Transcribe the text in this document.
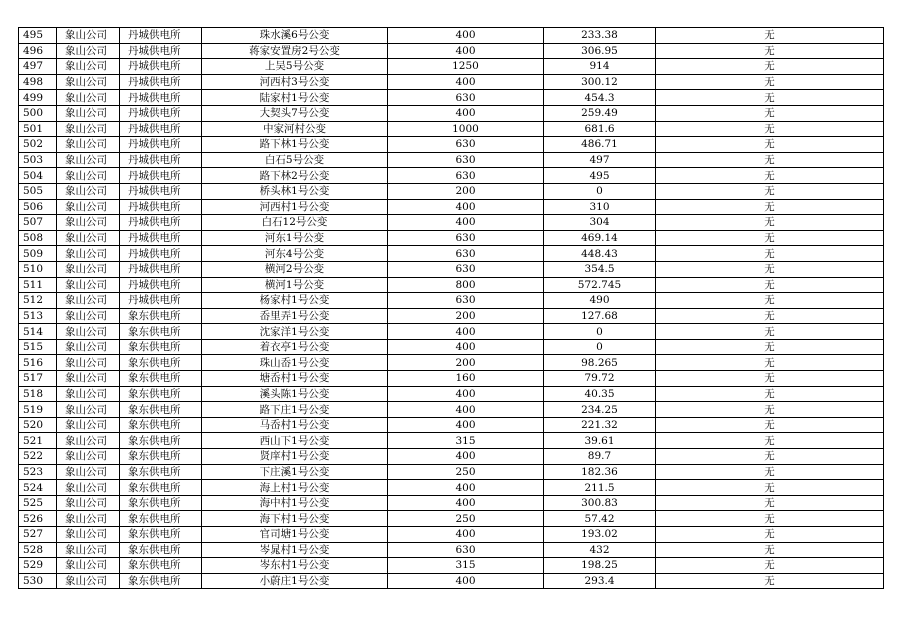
495	象山公司	丹城供电所	珠水溪6号公变	400	233.38	无
496	象山公司	丹城供电所	蒋家安置房2号公变	400	306.95	无
497	象山公司	丹城供电所	上吴5号公变	1250	914	无
498	象山公司	丹城供电所	河西村3号公变	400	300.12	无
499	象山公司	丹城供电所	陆家村1号公变	630	454.3	无
500	象山公司	丹城供电所	大契头7号公变	400	259.49	无
501	象山公司	丹城供电所	中家河村公变	1000	681.6	无
502	象山公司	丹城供电所	路下林1号公变	630	486.71	无
503	象山公司	丹城供电所	白石5号公变	630	497	无
504	象山公司	丹城供电所	路下林2号公变	630	495	无
505	象山公司	丹城供电所	桥头林1号公变	200	0	无
506	象山公司	丹城供电所	河西村1号公变	400	310	无
507	象山公司	丹城供电所	白石12号公变	400	304	无
508	象山公司	丹城供电所	河东1号公变	630	469.14	无
509	象山公司	丹城供电所	河东4号公变	630	448.43	无
510	象山公司	丹城供电所	横河2号公变	630	354.5	无
511	象山公司	丹城供电所	横河1号公变	800	572.745	无
512	象山公司	丹城供电所	杨家村1号公变	630	490	无
513	象山公司	象东供电所	岙里弄1号公变	200	127.68	无
514	象山公司	象东供电所	沈家洋1号公变	400	0	无
515	象山公司	象东供电所	着衣亭1号公变	400	0	无
516	象山公司	象东供电所	珠山岙1号公变	200	98.265	无
517	象山公司	象东供电所	塘岙村1号公变	160	79.72	无
518	象山公司	象东供电所	溪头陈1号公变	400	40.35	无
519	象山公司	象东供电所	路下庄1号公变	400	234.25	无
520	象山公司	象东供电所	马岙村1号公变	400	221.32	无
521	象山公司	象东供电所	西山下1号公变	315	39.61	无
522	象山公司	象东供电所	贤庠村1号公变	400	89.7	无
523	象山公司	象东供电所	下庄溪1号公变	250	182.36	无
524	象山公司	象东供电所	海上村1号公变	400	211.5	无
525	象山公司	象东供电所	海中村1号公变	400	300.83	无
526	象山公司	象东供电所	海下村1号公变	250	57.42	无
527	象山公司	象东供电所	官司塘1号公变	400	193.02	无
528	象山公司	象东供电所	岑晁村1号公变	630	432	无
529	象山公司	象东供电所	岑东村1号公变	315	198.25	无
530	象山公司	象东供电所	小蔚庄1号公变	400	293.4	无
